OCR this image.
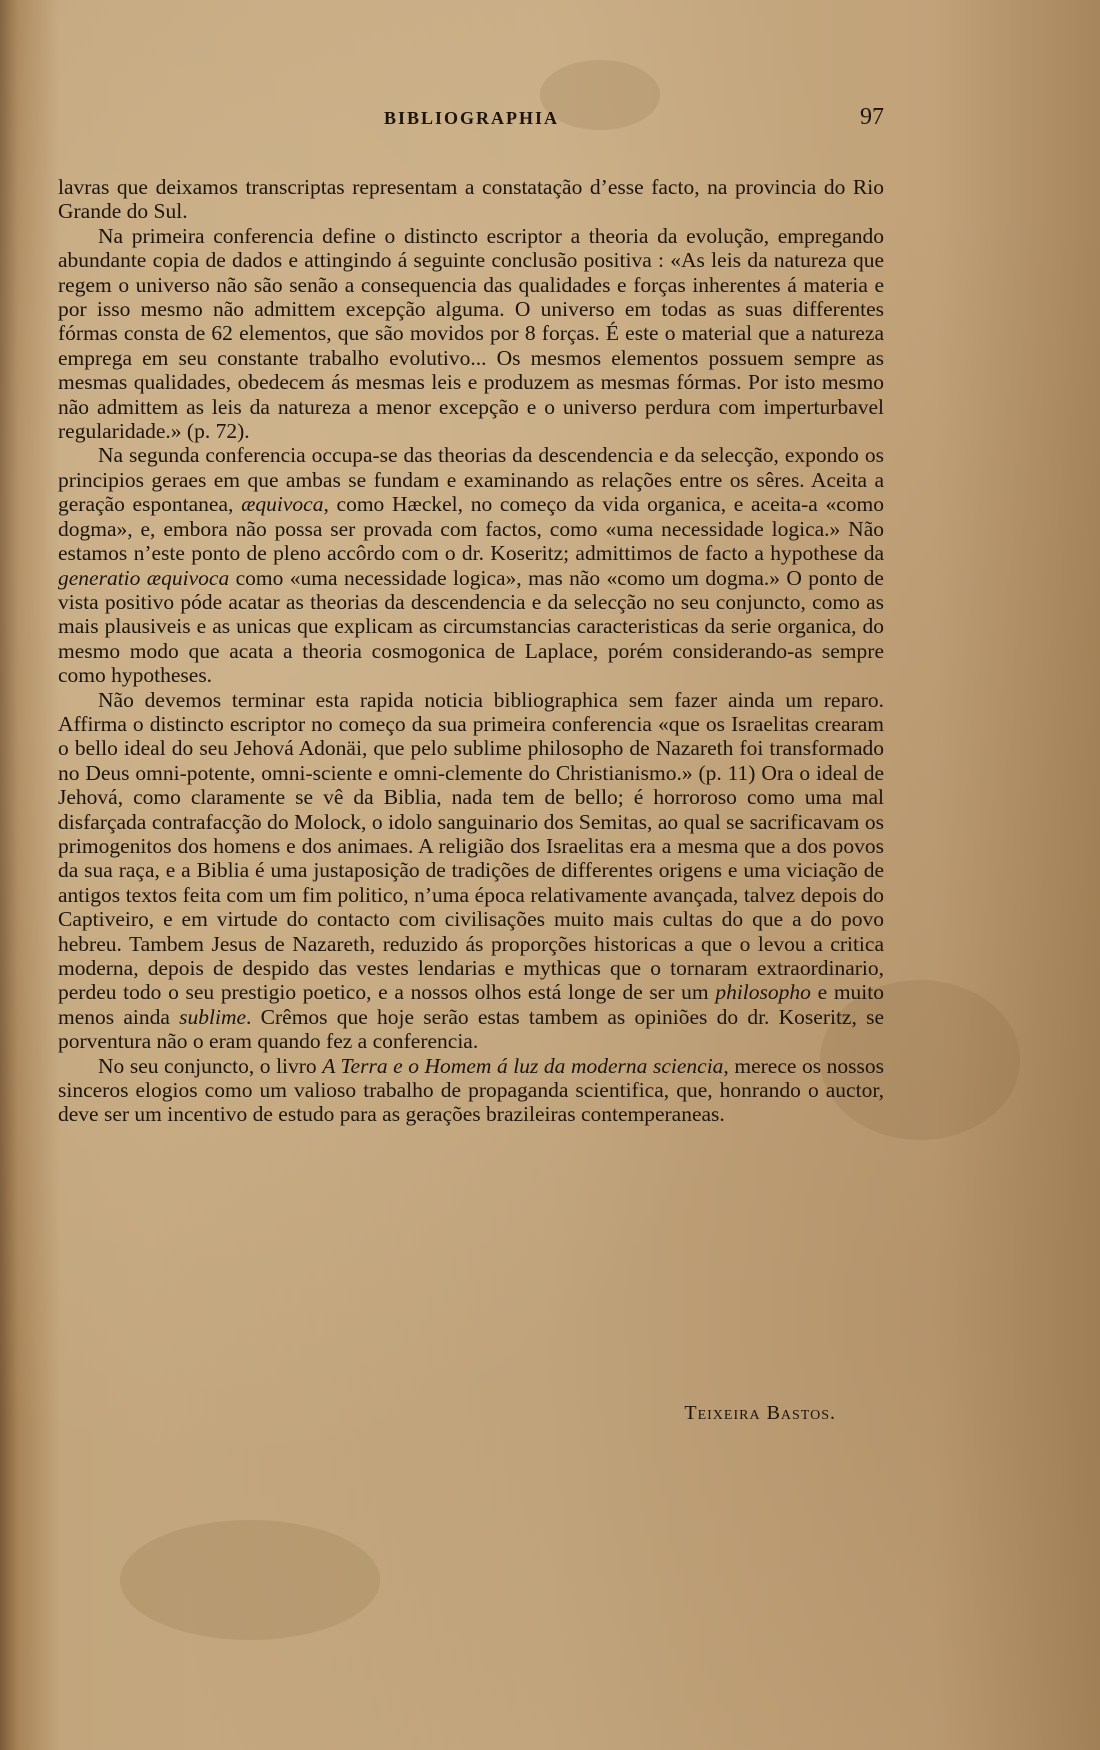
BIBLIOGRAPHIA	97

lavras que deixamos transcriptas representam a constatação d’esse facto, na provincia do Rio Grande do Sul.

Na primeira conferencia define o distincto escriptor a theoria da evolução, empregando abundante copia de dados e attingindo á seguinte conclusão positiva : «As leis da natureza que regem o universo não são senão a consequencia das qualidades e forças inherentes á materia e por isso mesmo não admittem excepção alguma. O universo em todas as suas differentes fórmas consta de 62 elementos, que são movidos por 8 forças. É este o material que a natureza emprega em seu constante trabalho evolutivo... Os mesmos elementos possuem sempre as mesmas qualidades, obedecem ás mesmas leis e produzem as mesmas fórmas. Por isto mesmo não admittem as leis da natureza a menor excepção e o universo perdura com imperturbavel regularidade.» (p. 72).

Na segunda conferencia occupa-se das theorias da descendencia e da selecção, expondo os principios geraes em que ambas se fundam e examinando as relações entre os sêres. Aceita a geração espontanea, æquivoca, como Hæckel, no começo da vida organica, e aceita-a «como dogma», e, embora não possa ser provada com factos, como «uma necessidade logica.» Não estamos n’este ponto de pleno accôrdo com o dr. Koseritz; admittimos de facto a hypothese da generatio æquivoca como «uma necessidade logica», mas não «como um dogma.» O ponto de vista positivo póde acatar as theorias da descendencia e da selecção no seu conjuncto, como as mais plausiveis e as unicas que explicam as circumstancias caracteristicas da serie organica, do mesmo modo que acata a theoria cosmogonica de Laplace, porém considerando-as sempre como hypotheses.

Não devemos terminar esta rapida noticia bibliographica sem fazer ainda um reparo. Affirma o distincto escriptor no começo da sua primeira conferencia «que os Israelitas crearam o bello ideal do seu Jehová Adonäi, que pelo sublime philosopho de Nazareth foi transformado no Deus omni-potente, omni-sciente e omni-clemente do Christianismo.» (p. 11) Ora o ideal de Jehová, como claramente se vê da Biblia, nada tem de bello; é horroroso como uma mal disfarçada contrafacção do Molock, o idolo sanguinario dos Semitas, ao qual se sacrificavam os primogenitos dos homens e dos animaes. A religião dos Israelitas era a mesma que a dos povos da sua raça, e a Biblia é uma justaposição de tradições de differentes origens e uma viciação de antigos textos feita com um fim politico, n’uma época relativamente avançada, talvez depois do Captiveiro, e em virtude do contacto com civilisações muito mais cultas do que a do povo hebreu. Tambem Jesus de Nazareth, reduzido ás proporções historicas a que o levou a critica moderna, depois de despido das vestes lendarias e mythicas que o tornaram extraordinario, perdeu todo o seu prestigio poetico, e a nossos olhos está longe de ser um philosopho e muito menos ainda sublime. Crêmos que hoje serão estas tambem as opiniões do dr. Koseritz, se porventura não o eram quando fez a conferencia.

No seu conjuncto, o livro A Terra e o Homem á luz da moderna sciencia, merece os nossos sinceros elogios como um valioso trabalho de propaganda scientifica, que, honrando o auctor, deve ser um incentivo de estudo para as gerações brazileiras contemperaneas.

Teixeira Bastos.
